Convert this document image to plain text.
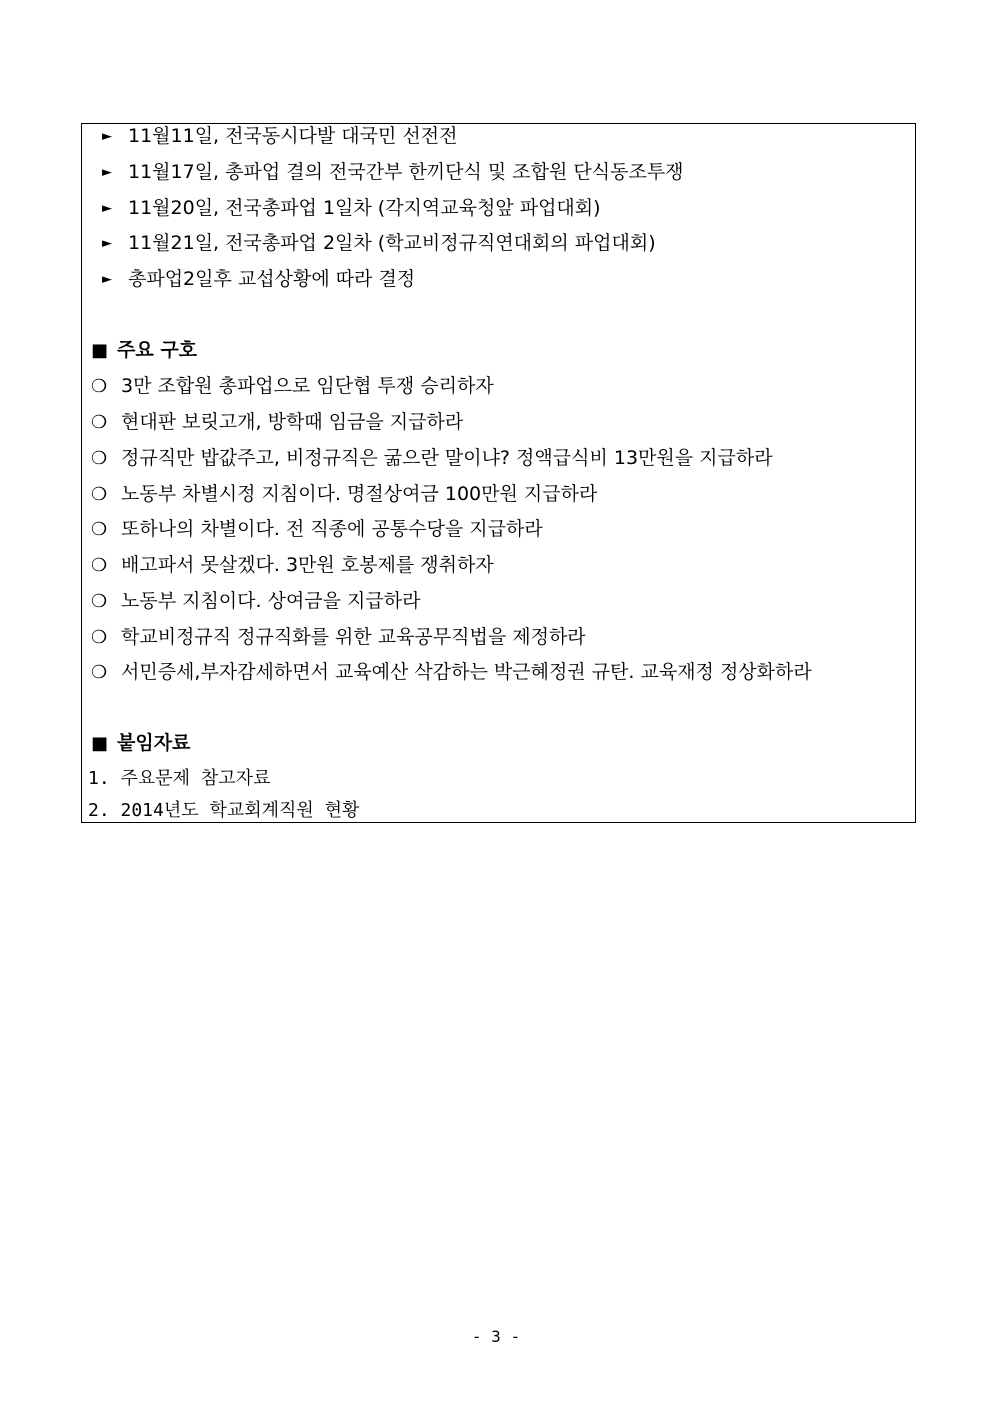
► 11월11일, 전국동시다발 대국민 선전전
► 11월17일, 총파업 결의 전국간부 한끼단식 및 조합원 단식동조투쟁
► 11월20일, 전국총파업 1일차 (각지역교육청앞 파업대회)
► 11월21일, 전국총파업 2일차 (학교비정규직연대회의 파업대회)
► 총파업2일후 교섭상황에 따라 결정
■ 주요 구호
❍ 3만 조합원 총파업으로 임단협 투쟁 승리하자
❍ 현대판 보릿고개, 방학때 임금을 지급하라
❍ 정규직만 밥값주고, 비정규직은 굶으란 말이냐? 정액급식비 13만원을 지급하라
❍ 노동부 차별시정 지침이다. 명절상여금 100만원 지급하라
❍ 또하나의 차별이다. 전 직종에 공통수당을 지급하라
❍ 배고파서 못살겠다. 3만원 호봉제를 쟁취하자
❍ 노동부 지침이다. 상여금을 지급하라
❍ 학교비정규직 정규직화를 위한 교육공무직법을 제정하라
❍ 서민증세,부자감세하면서 교육예산 삭감하는 박근혜정권 규탄. 교육재정 정상화하라
■ 붙임자료
1. 주요문제 참고자료
2. 2014년도 학교회계직원 현황
- 3 -
